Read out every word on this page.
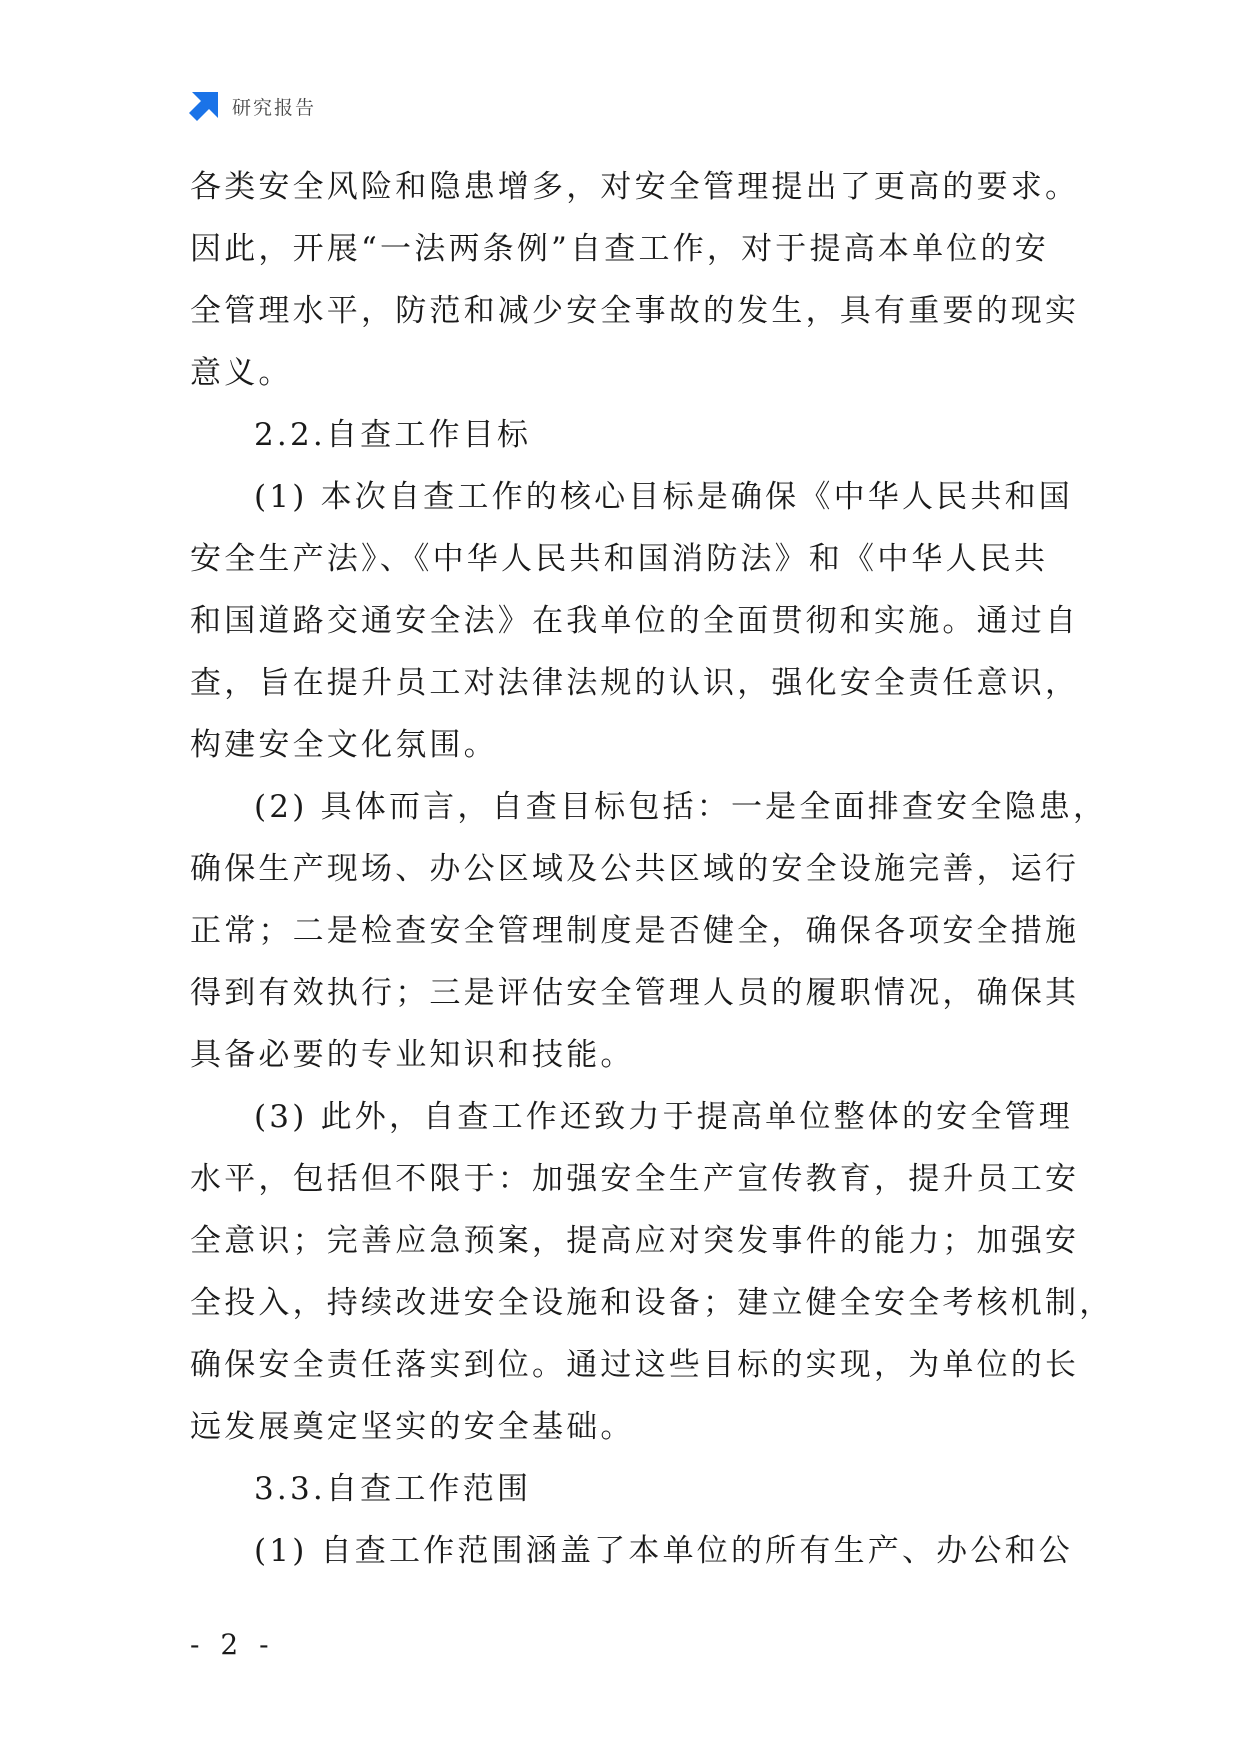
研究报告
各类安全风险和隐患增多，对安全管理提出了更高的要求。
因此，开展“一法两条例”自查工作，对于提高本单位的安
全管理水平，防范和减少安全事故的发生，具有重要的现实
意义。
2.2.自查工作目标
(1) 本次自查工作的核心目标是确保《中华人民共和国
安全生产法》、《中华人民共和国消防法》和《中华人民共
和国道路交通安全法》在我单位的全面贯彻和实施。通过自
查，旨在提升员工对法律法规的认识，强化安全责任意识，
构建安全文化氛围。
(2) 具体而言，自查目标包括：一是全面排查安全隐患，
确保生产现场、办公区域及公共区域的安全设施完善，运行
正常；二是检查安全管理制度是否健全，确保各项安全措施
得到有效执行；三是评估安全管理人员的履职情况，确保其
具备必要的专业知识和技能。
(3) 此外，自查工作还致力于提高单位整体的安全管理
水平，包括但不限于：加强安全生产宣传教育，提升员工安
全意识；完善应急预案，提高应对突发事件的能力；加强安
全投入，持续改进安全设施和设备；建立健全安全考核机制，
确保安全责任落实到位。通过这些目标的实现，为单位的长
远发展奠定坚实的安全基础。
3.3.自查工作范围
(1) 自查工作范围涵盖了本单位的所有生产、办公和公
- 2 -
